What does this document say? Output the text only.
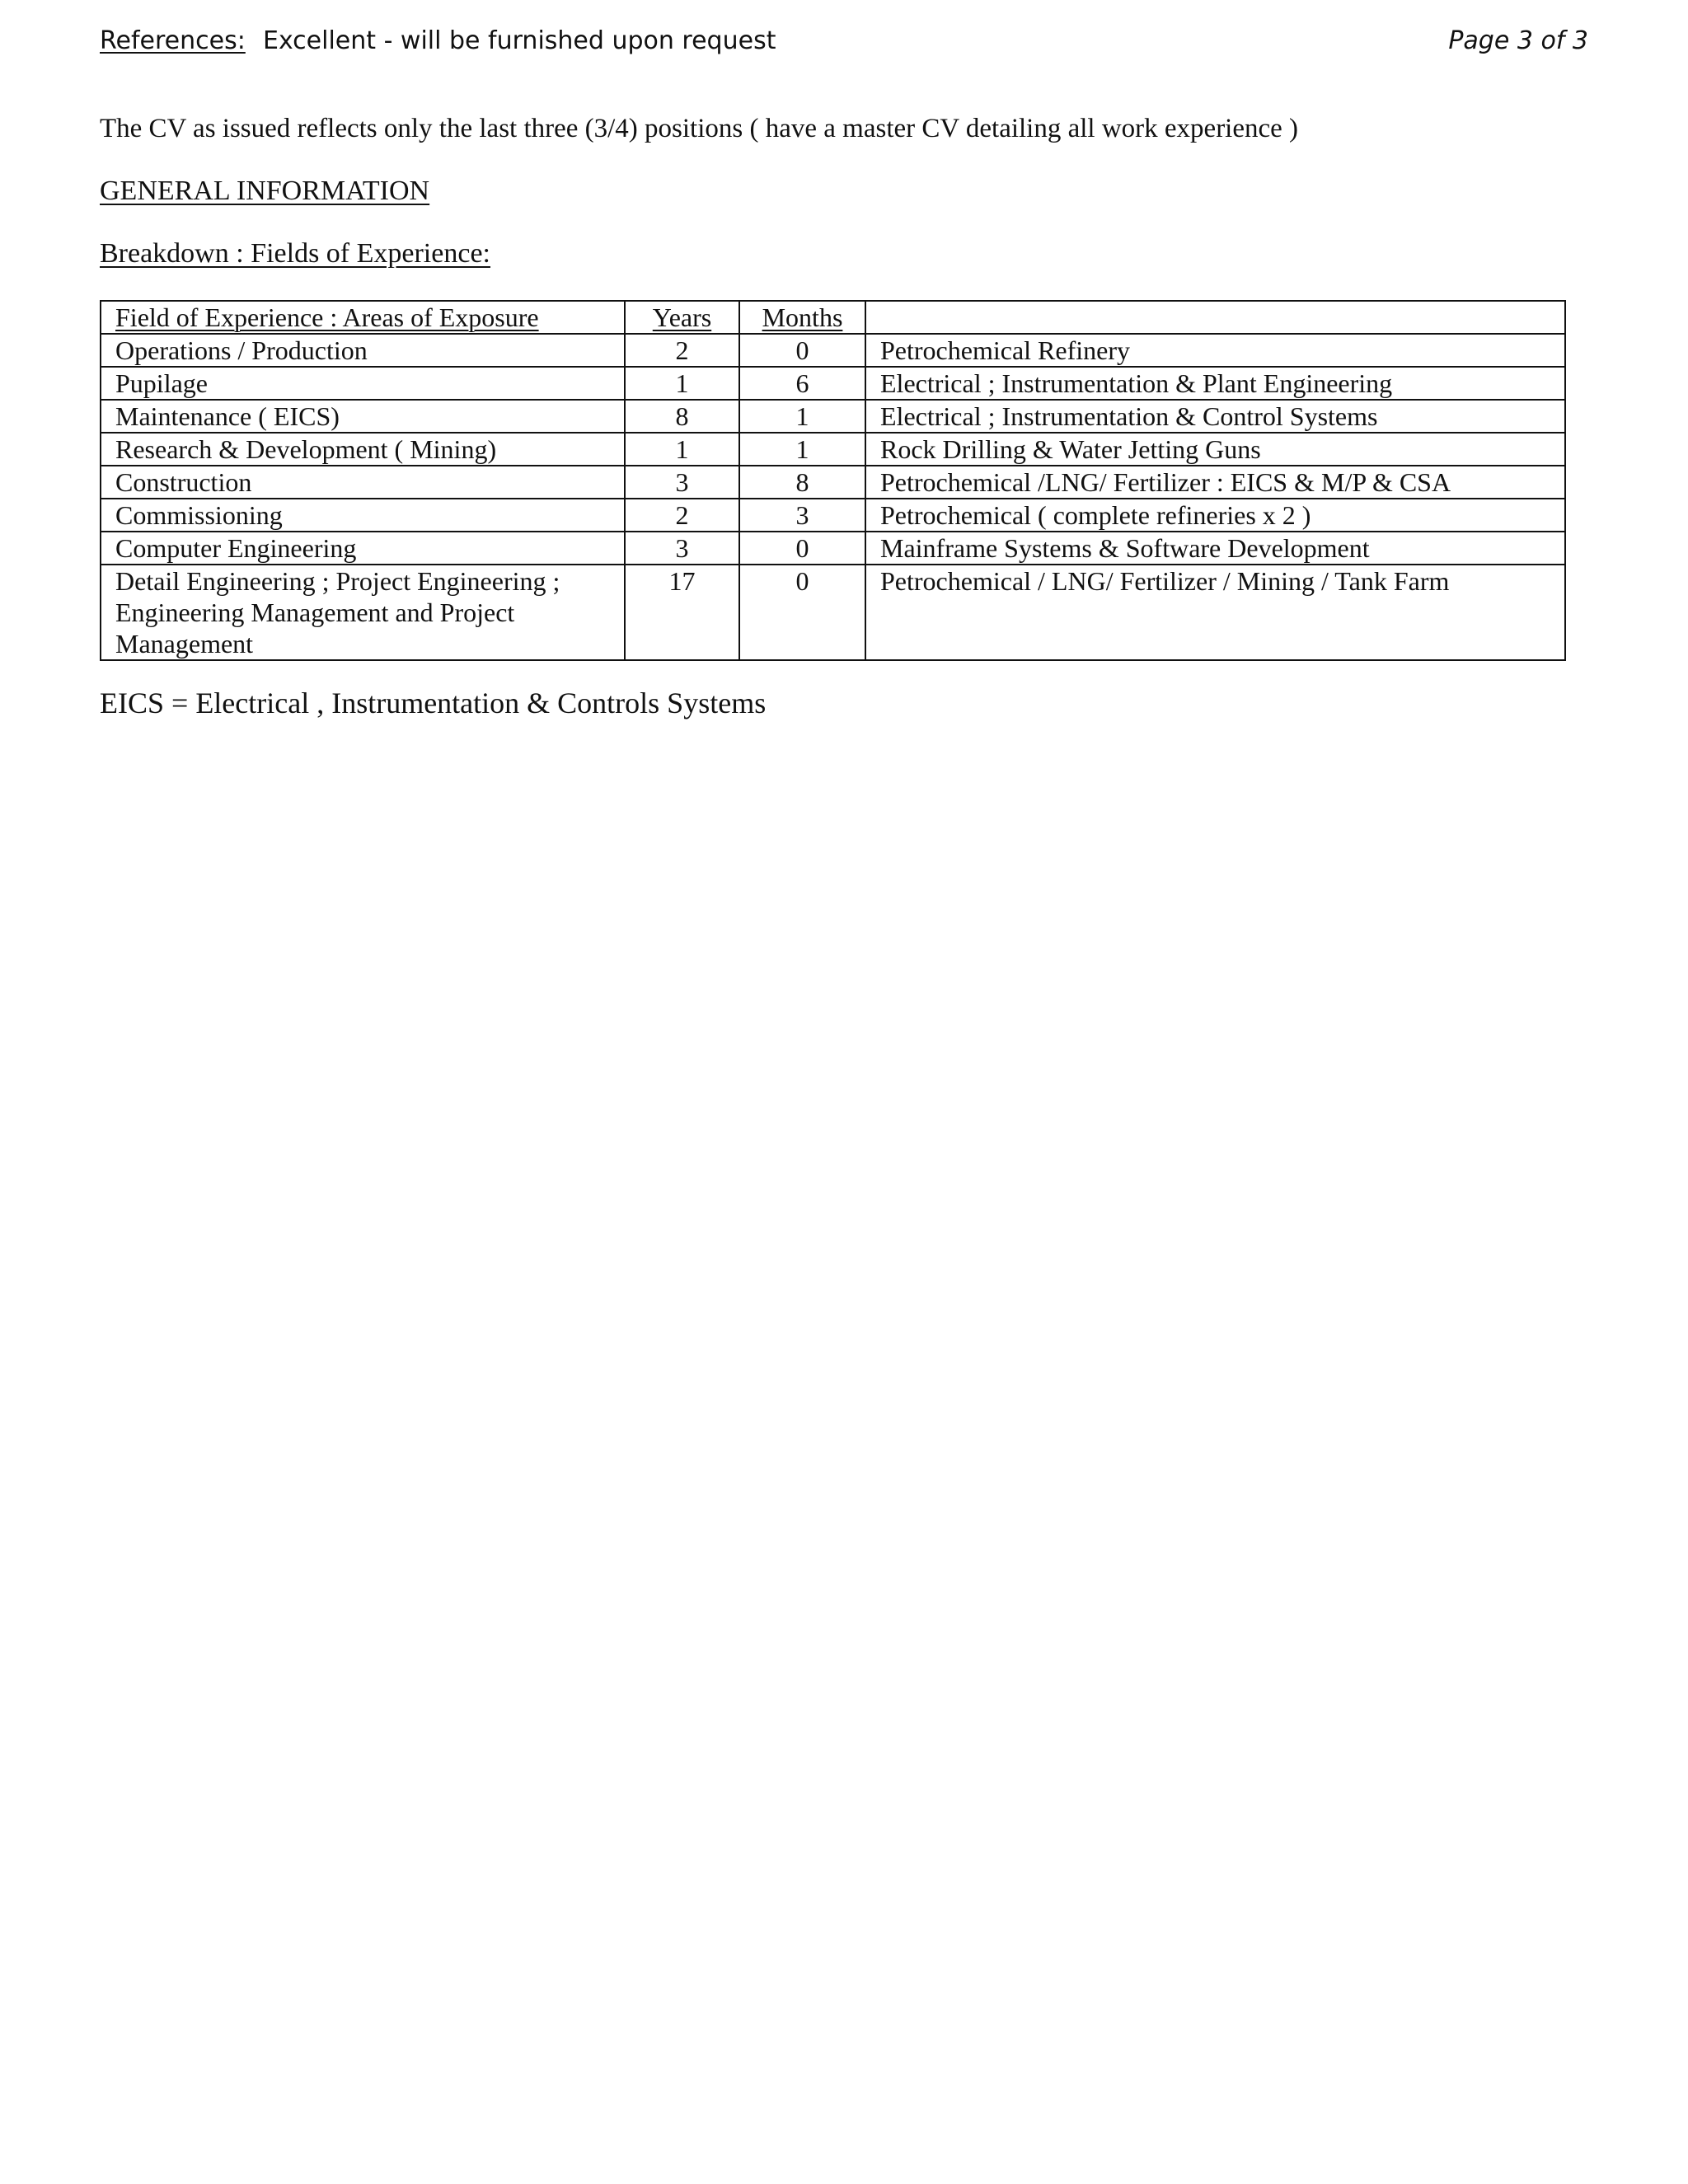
References: Excellent - will be furnished upon request	Page 3 of 3
The CV as issued reflects only the last three (3/4) positions ( have a master CV detailing all work experience )
GENERAL INFORMATION
Breakdown : Fields of Experience:
Field of Experience : Areas of Exposure	Years	Months	
Operations / Production	2	0	Petrochemical Refinery
Pupilage	1	6	Electrical ; Instrumentation & Plant Engineering
Maintenance ( EICS)	8	1	Electrical ; Instrumentation & Control Systems
Research & Development ( Mining)	1	1	Rock Drilling & Water Jetting Guns
Construction	3	8	Petrochemical /LNG/ Fertilizer : EICS & M/P & CSA
Commissioning	2	3	Petrochemical ( complete refineries x 2 )
Computer Engineering	3	0	Mainframe Systems & Software Development
Detail Engineering ; Project Engineering ; Engineering Management and Project Management	17	0	Petrochemical / LNG/ Fertilizer / Mining / Tank Farm
EICS = Electrical , Instrumentation & Controls Systems
